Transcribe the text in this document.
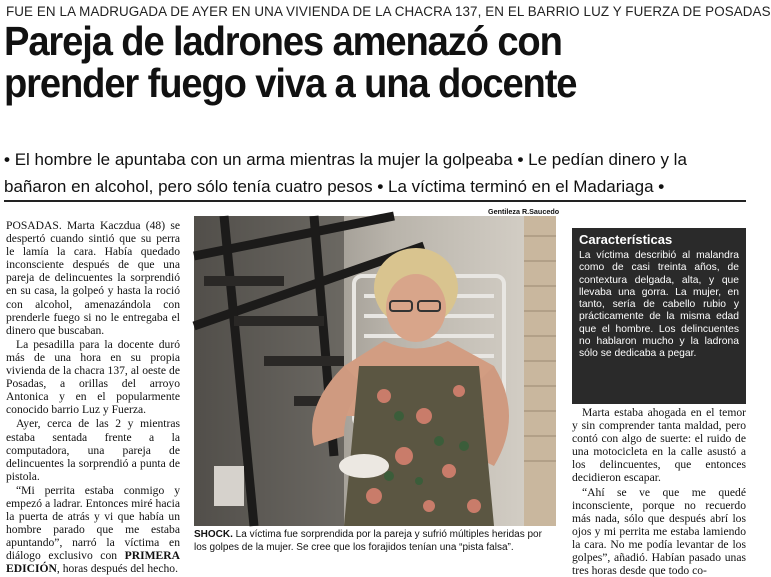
FUE EN LA MADRUGADA DE AYER EN UNA VIVIENDA DE LA CHACRA 137, EN EL BARRIO LUZ Y FUERZA DE POSADAS
Pareja de ladrones amenazó con
prender fuego viva a una docente
• El hombre le apuntaba con un arma mientras la mujer la golpeaba • Le pedían dinero y la bañaron en alcohol, pero sólo tenía cuatro pesos • La víctima terminó en el Madariaga •

POSADAS. Marta Kaczdua (48) se despertó cuando sintió que su perra le lamía la cara. Había quedado inconsciente después de que una pareja de delincuentes la sorprendió en su casa, la golpeó y hasta la roció con alcohol, amenazándola con prenderle fuego si no le entregaba el dinero que buscaban.

La pesadilla para la docente duró más de una hora en su propia vivienda de la chacra 137, al oeste de Posadas, a orillas del arroyo Antonica y en el popularmente conocido barrio Luz y Fuerza.

Ayer, cerca de las 2 y mientras estaba sentada frente a la computadora, una pareja de delincuentes la sorprendió a punta de pistola.

“Mi perrita estaba conmigo y empezó a ladrar. Entonces miré hacia la puerta de atrás y vi que había un hombre parado que me estaba apuntando”, narró la víctima en diálogo exclusivo con PRIMERA EDICIÓN, horas después del hecho.

Gentileza R.Saucedo
SHOCK. La víctima fue sorprendida por la pareja y sufrió múltiples heridas por los golpes de la mujer. Se cree que los forajidos tenían una “pista falsa”.
Características

La víctima describió al malandra como de casi treinta años, de contextura delgada, alta, y que llevaba una gorra. La mujer, en tanto, sería de cabello rubio y prácticamente de la misma edad que el hombre. Los delincuentes no hablaron mucho y la ladrona sólo se dedicaba a pegar.

Marta estaba ahogada en el temor y sin comprender tanta maldad, pero contó con algo de suerte: el ruido de una motocicleta en la calle asustó a los delincuentes, que entonces decidieron escapar.

“Ahí se ve que me quedé inconsciente, porque no recuerdo más nada, sólo que después abrí los ojos y mi perrita me estaba lamiendo la cara. No me podía levantar de los golpes”, añadió. Habían pasado unas tres horas desde que todo co-
